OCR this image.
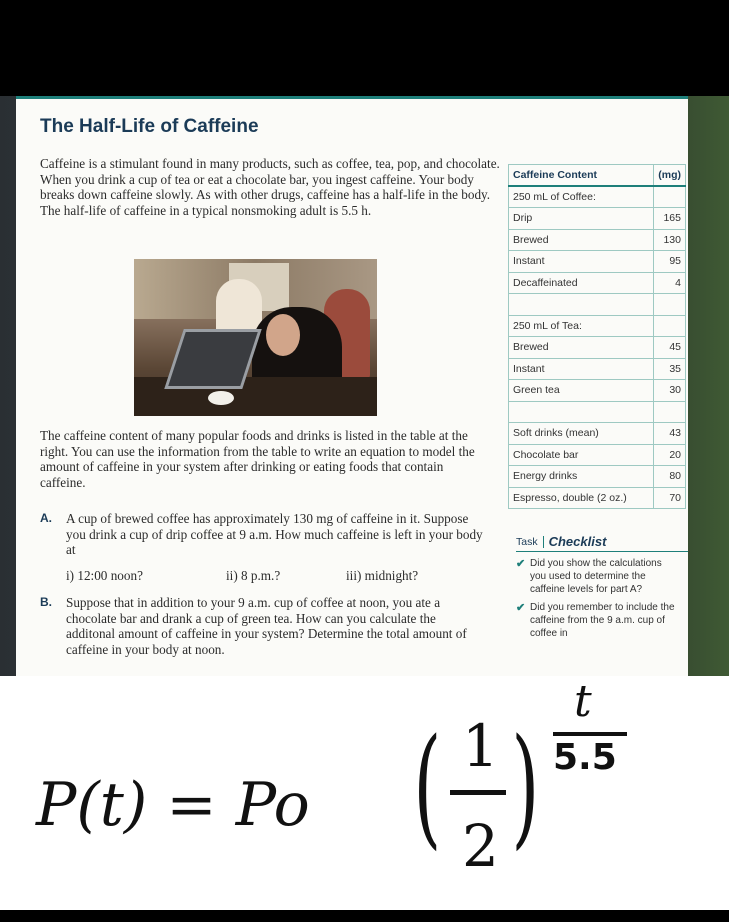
The Half-Life of Caffeine
Caffeine is a stimulant found in many products, such as coffee, tea, pop, and chocolate. When you drink a cup of tea or eat a chocolate bar, you ingest caffeine. Your body breaks down caffeine slowly. As with other drugs, caffeine has a half-life in the body. The half-life of caffeine in a typical nonsmoking adult is 5.5 h.
The caffeine content of many popular foods and drinks is listed in the table at the right. You can use the information from the table to write an equation to model the amount of caffeine in your system after drinking or eating foods that contain caffeine.
A. A cup of brewed coffee has approximately 130 mg of caffeine in it. Suppose you drink a cup of drip coffee at 9 a.m. How much caffeine is left in your body at
i) 12:00 noon?	ii) 8 p.m.?	iii) midnight?
B. Suppose that in addition to your 9 a.m. cup of coffee at noon, you ate a chocolate bar and drank a cup of green tea. How can you calculate the additonal amount of caffeine in your system? Determine the total amount of caffeine in your body at noon.
Caffeine Content	(mg)
250 mL of Coffee:	
Drip	165
Brewed	130
Instant	95
Decaffeinated	4

250 mL of Tea:	
Brewed	45
Instant	35
Green tea	30

Soft drinks (mean)	43
Chocolate bar	20
Energy drinks	80
Espresso, double (2 oz.)	70
Task Checklist
✔ Did you show the calculations you used to determine the caffeine levels for part A?
✔ Did you remember to include the caffeine from the 9 a.m. cup of coffee in
P(t) = Po ( 1
2 )
t
5.5
